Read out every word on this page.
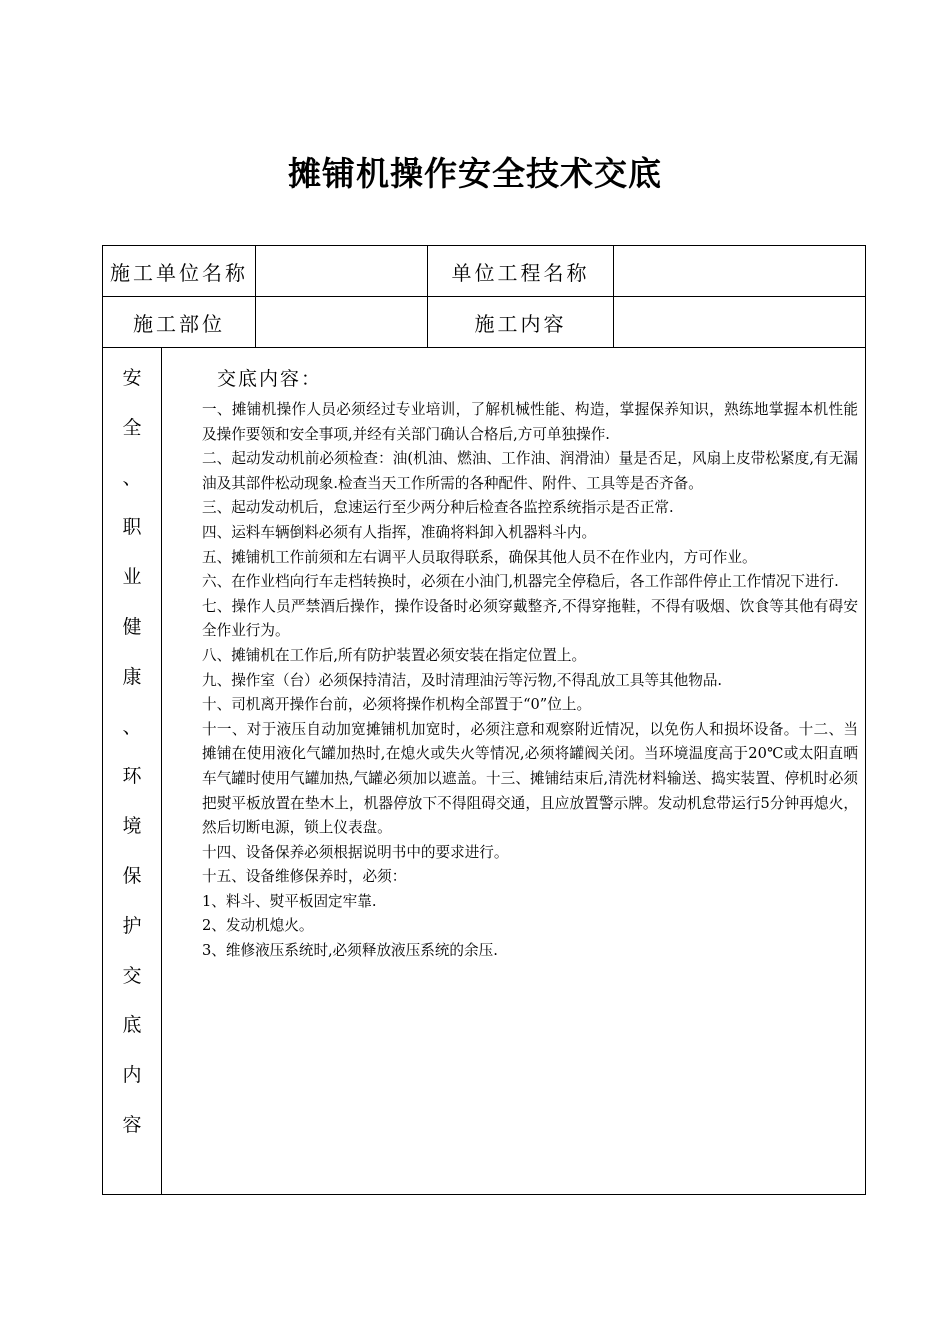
摊铺机操作安全技术交底
施工单位名称	单位工程名称
施工部位	施工内容
安
全
、
职
业
健
康
、
环
境
保
护
交
底
内
容
交底内容：

一、摊铺机操作人员必须经过专业培训，了解机械性能、构造，掌握保养知识，熟练地掌握本机性能及操作要领和安全事项,并经有关部门确认合格后,方可单独操作.

二、起动发动机前必须检查：油(机油、燃油、工作油、润滑油）量是否足，风扇上皮带松紧度,有无漏油及其部件松动现象.检查当天工作所需的各种配件、附件、工具等是否齐备。

三、起动发动机后，怠速运行至少两分种后检查各监控系统指示是否正常.

四、运料车辆倒料必须有人指挥，准确将料卸入机器料斗内。

五、摊铺机工作前须和左右调平人员取得联系，确保其他人员不在作业内，方可作业。

六、在作业档向行车走档转换时，必须在小油门,机器完全停稳后，各工作部件停止工作情况下进行.

七、操作人员严禁酒后操作，操作设备时必须穿戴整齐,不得穿拖鞋，不得有吸烟、饮食等其他有碍安全作业行为。

八、摊铺机在工作后,所有防护装置必须安装在指定位置上。

九、操作室（台）必须保持清洁，及时清理油污等污物,不得乱放工具等其他物品.

十、司机离开操作台前，必须将操作机构全部置于“0”位上。

十一、对于液压自动加宽摊铺机加宽时，必须注意和观察附近情况，以免伤人和损坏设备。十二、当摊铺在使用液化气罐加热时,在熄火或失火等情况,必须将罐阀关闭。当环境温度高于20℃或太阳直晒车气罐时使用气罐加热,气罐必须加以遮盖。十三、摊铺结束后,清洗材料输送、捣实装置、停机时必须把熨平板放置在垫木上，机器停放下不得阻碍交通，且应放置警示牌。发动机怠带运行5分钟再熄火，然后切断电源，锁上仪表盘。

十四、设备保养必须根据说明书中的要求进行。

十五、设备维修保养时，必须：

1、料斗、熨平板固定牢靠.

2、发动机熄火。

3、维修液压系统时,必须释放液压系统的余压.
